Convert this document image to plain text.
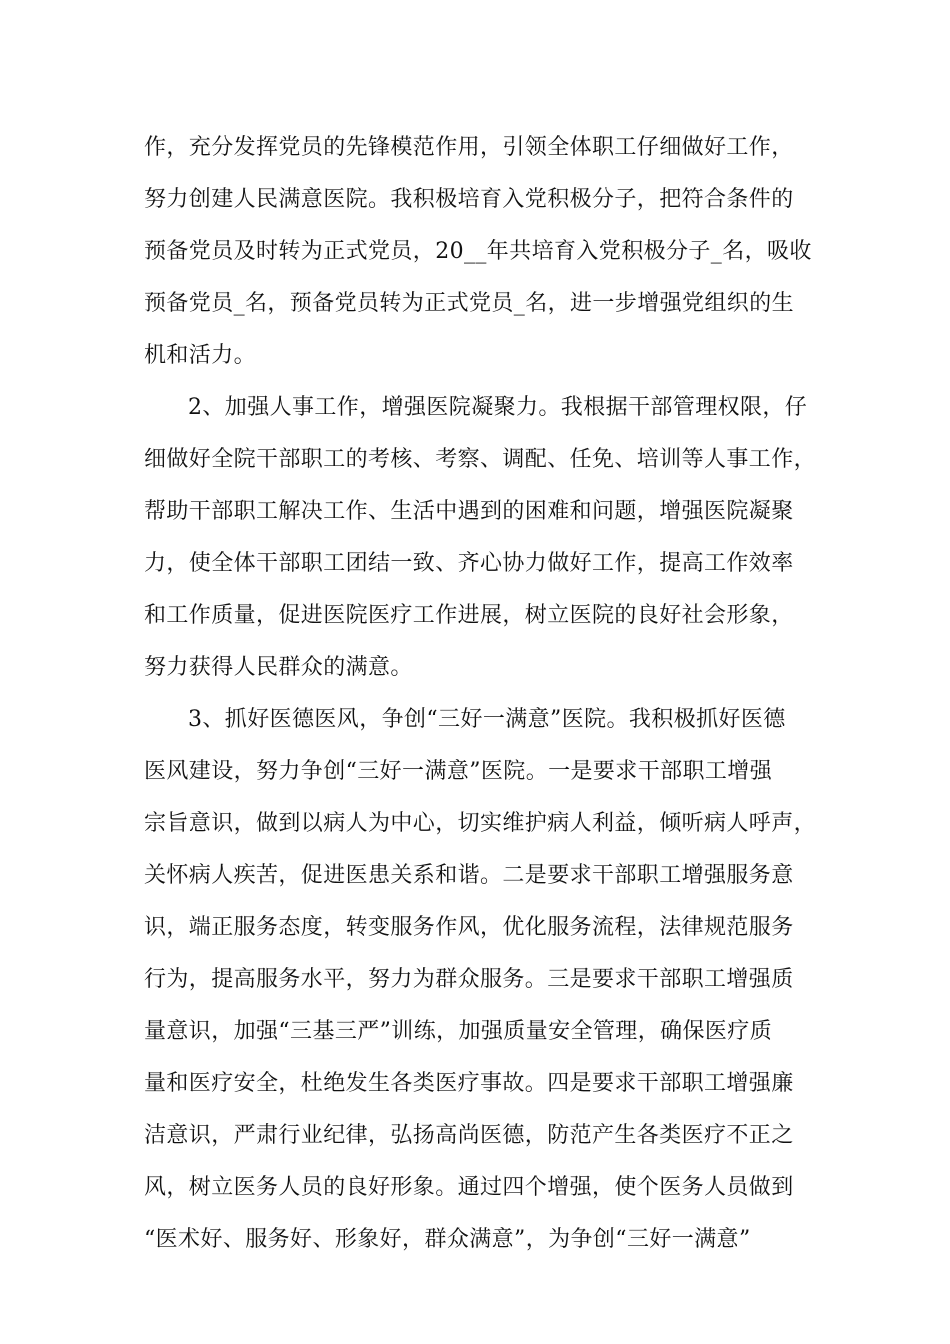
作，充分发挥党员的先锋模范作用，引领全体职工仔细做好工作，
努力创建人民满意医院。我积极培育入党积极分子，把符合条件的
预备党员及时转为正式党员，20__年共培育入党积极分子_名，吸收
预备党员_名，预备党员转为正式党员_名，进一步增强党组织的生
机和活力。
2、加强人事工作，增强医院凝聚力。我根据干部管理权限，仔
细做好全院干部职工的考核、考察、调配、任免、培训等人事工作，
帮助干部职工解决工作、生活中遇到的困难和问题，增强医院凝聚
力，使全体干部职工团结一致、齐心协力做好工作，提高工作效率
和工作质量，促进医院医疗工作进展，树立医院的良好社会形象，
努力获得人民群众的满意。
3、抓好医德医风，争创“三好一满意”医院。我积极抓好医德
医风建设，努力争创“三好一满意”医院。一是要求干部职工增强
宗旨意识，做到以病人为中心，切实维护病人利益，倾听病人呼声，
关怀病人疾苦，促进医患关系和谐。二是要求干部职工增强服务意
识，端正服务态度，转变服务作风，优化服务流程，法律规范服务
行为，提高服务水平，努力为群众服务。三是要求干部职工增强质
量意识，加强“三基三严”训练，加强质量安全管理，确保医疗质
量和医疗安全，杜绝发生各类医疗事故。四是要求干部职工增强廉
洁意识，严肃行业纪律，弘扬高尚医德，防范产生各类医疗不正之
风，树立医务人员的良好形象。通过四个增强，使个医务人员做到
“医术好、服务好、形象好，群众满意”，为争创“三好一满意”
